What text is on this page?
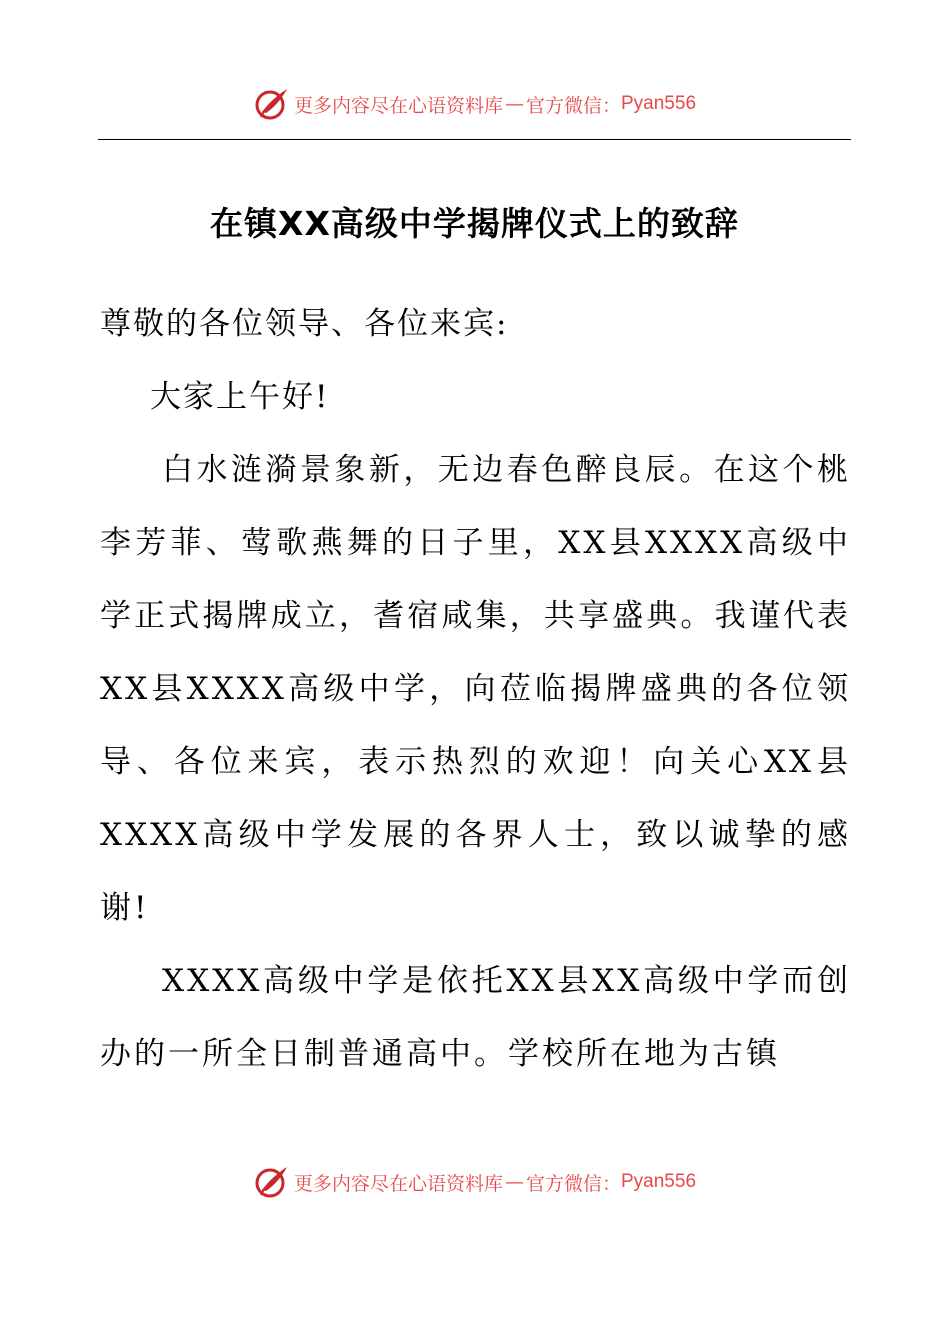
更多内容尽在心语资料库 — 官方微信： Pyan556
在镇XX高级中学揭牌仪式上的致辞

尊敬的各位领导、各位来宾:

大家上午好!

白水涟漪景象新，无边春色醉良辰。在这个桃李芳菲、莺歌燕舞的日子里，XX县XXXX高级中学正式揭牌成立，耆宿咸集，共享盛典。我谨代表XX县XXXX高级中学，向莅临揭牌盛典的各位领导、各位来宾，表示热烈的欢迎！向关心XX县XXXX高级中学发展的各界人士，致以诚挚的感谢!

XXXX高级中学是依托XX县XX高级中学而创办的一所全日制普通高中。学校所在地为古镇

更多内容尽在心语资料库 — 官方微信： Pyan556
